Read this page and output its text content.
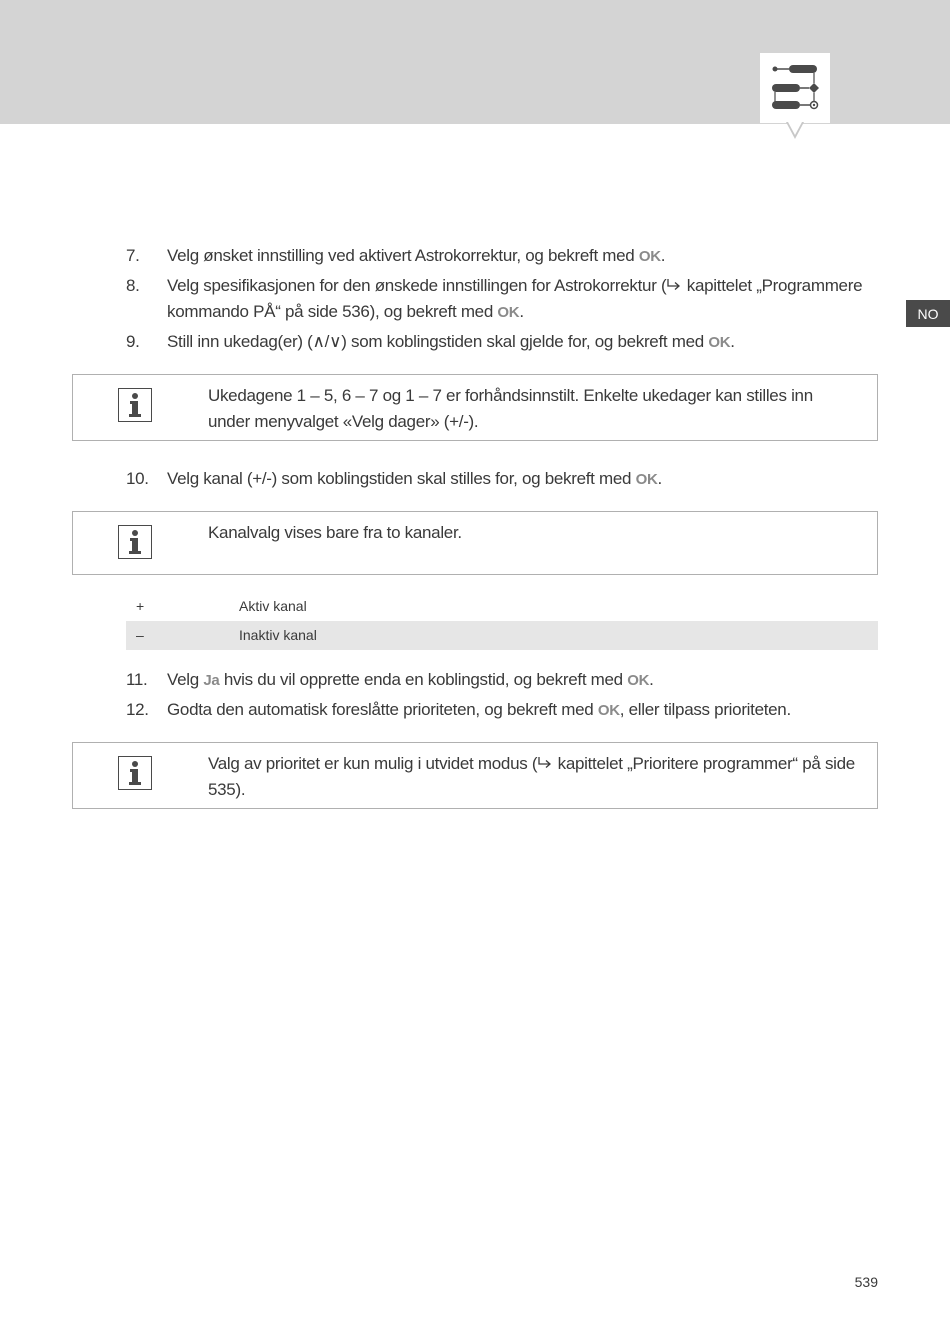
NO
7. Velg ønsket innstilling ved aktivert Astrokorrektur, og bekreft med OK.
8. Velg spesifikasjonen for den ønskede innstillingen for Astrokorrektur ( kapittelet „Programmere kommando PÅ“ på side 536), og bekreft med OK.
9. Still inn ukedag(er) (∧/∨) som koblingstiden skal gjelde for, og bekreft med OK.
Ukedagene 1 – 5, 6 – 7 og 1 – 7 er forhåndsinnstilt. Enkelte ukedager kan stilles inn under menyvalget «Velg dager» (+/-).
10. Velg kanal (+/-) som koblingstiden skal stilles for, og bekreft med OK.
Kanalvalg vises bare fra to kanaler.
+	Aktiv kanal
–	Inaktiv kanal
11. Velg Ja hvis du vil opprette enda en koblingstid, og bekreft med OK.
12. Godta den automatisk foreslåtte prioriteten, og bekreft med OK, eller tilpass prioriteten.
Valg av prioritet er kun mulig i utvidet modus ( kapittelet „Prioritere programmer“ på side 535).
539
